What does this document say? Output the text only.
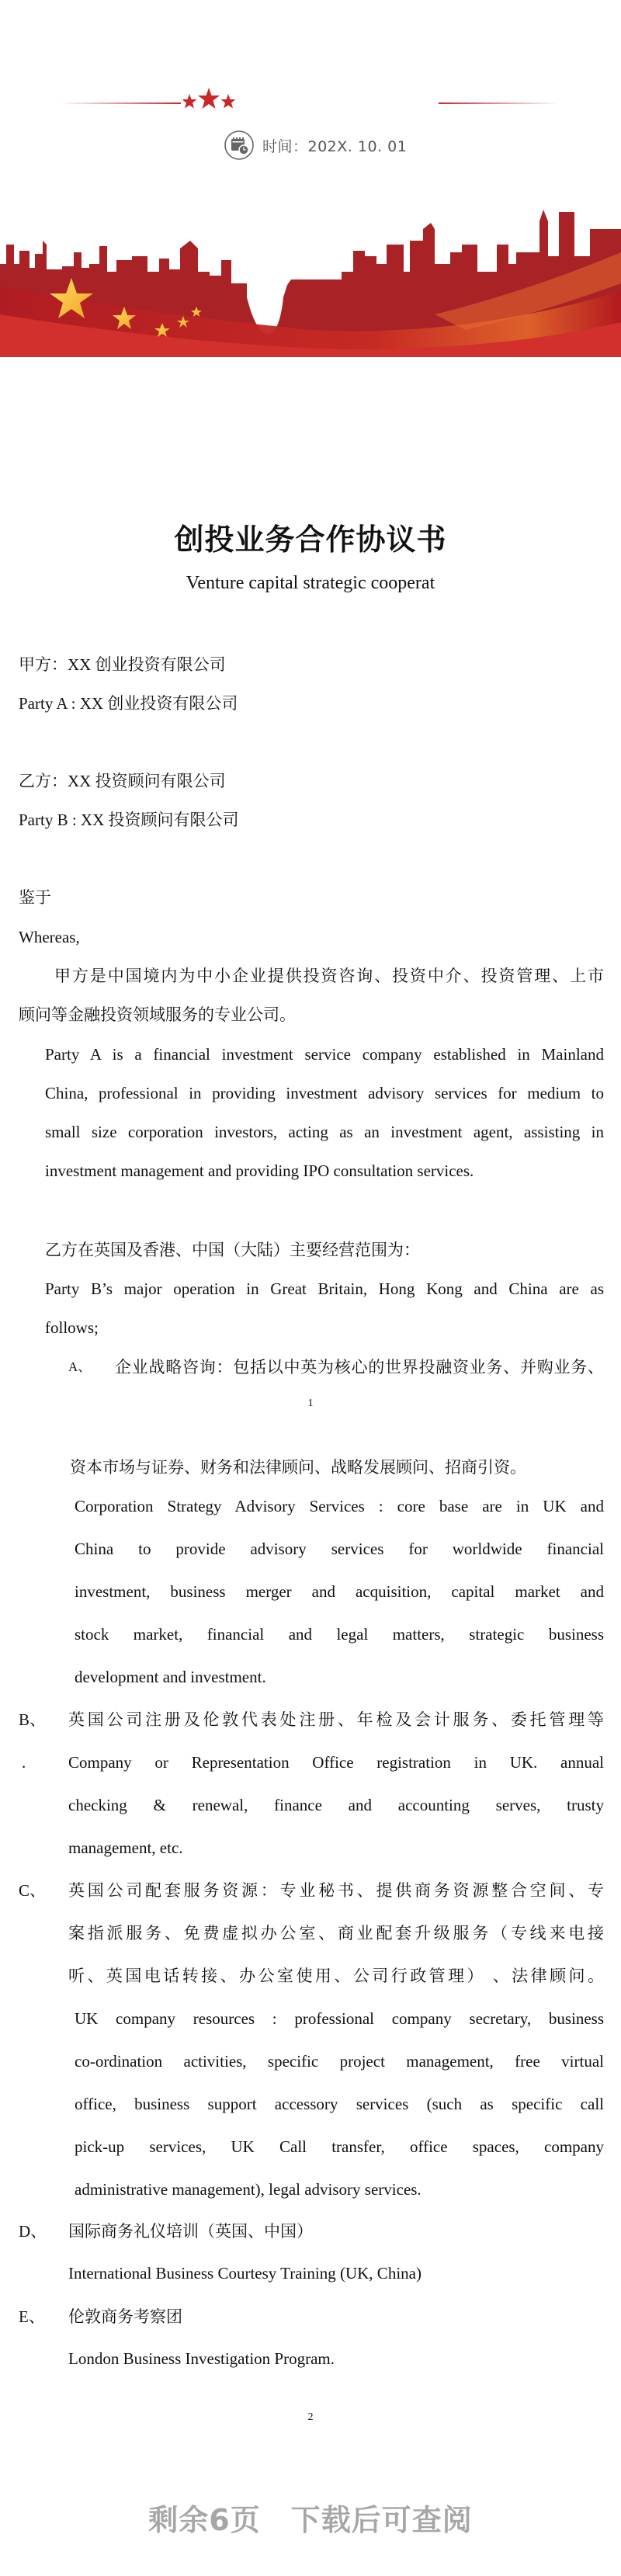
时间：202X. 10. 01
创投业务合作协议书
Venture capital strategic cooperat
甲方：XX 创业投资有限公司
Party A : XX 创业投资有限公司
乙方：XX 投资顾问有限公司
Party B : XX 投资顾问有限公司
鉴于
Whereas,
甲方是中国境内为中小企业提供投资咨询、投资中介、投资管理、上市
顾问等金融投资领域服务的专业公司。
Party A is a financial investment service company established in Mainland
China, professional in providing investment advisory services for medium to
small size corporation investors, acting as an investment agent, assisting in
investment management and providing IPO consultation services.
乙方在英国及香港、中国（大陆）主要经营范围为：
Party B’s major operation in Great Britain, Hong Kong and China are as
follows;
A、 企业战略咨询：包括以中英为核心的世界投融资业务、并购业务、
1
资本市场与证券、财务和法律顾问、战略发展顾问、招商引资。
Corporation Strategy Advisory Services : core base are in UK and
China to provide advisory services for worldwide financial
investment, business merger and acquisition, capital market and
stock market, financial and legal matters, strategic business
development and investment.
B、 英国公司注册及伦敦代表处注册、年检及会计服务、委托管理等
.	Company or Representation Office registration in UK. annual
checking & renewal, finance and accounting serves, trusty
management, etc.
C、 英国公司配套服务资源：专业秘书、提供商务资源整合空间、专
案指派服务、免费虚拟办公室、商业配套升级服务（专线来电接
听、英国电话转接、办公室使用、公司行政管理） 、法律顾问。
UK company resources : professional company secretary, business
co-ordination activities, specific project management, free virtual
office, business support accessory services (such as specific call
pick-up services, UK Call transfer, office spaces, company
administrative management), legal advisory services.
D、 国际商务礼仪培训（英国、中国）
International Business Courtesy Training (UK, China)
E、 伦敦商务考察团
London Business Investigation Program.
2
剩余6页　下载后可查阅
